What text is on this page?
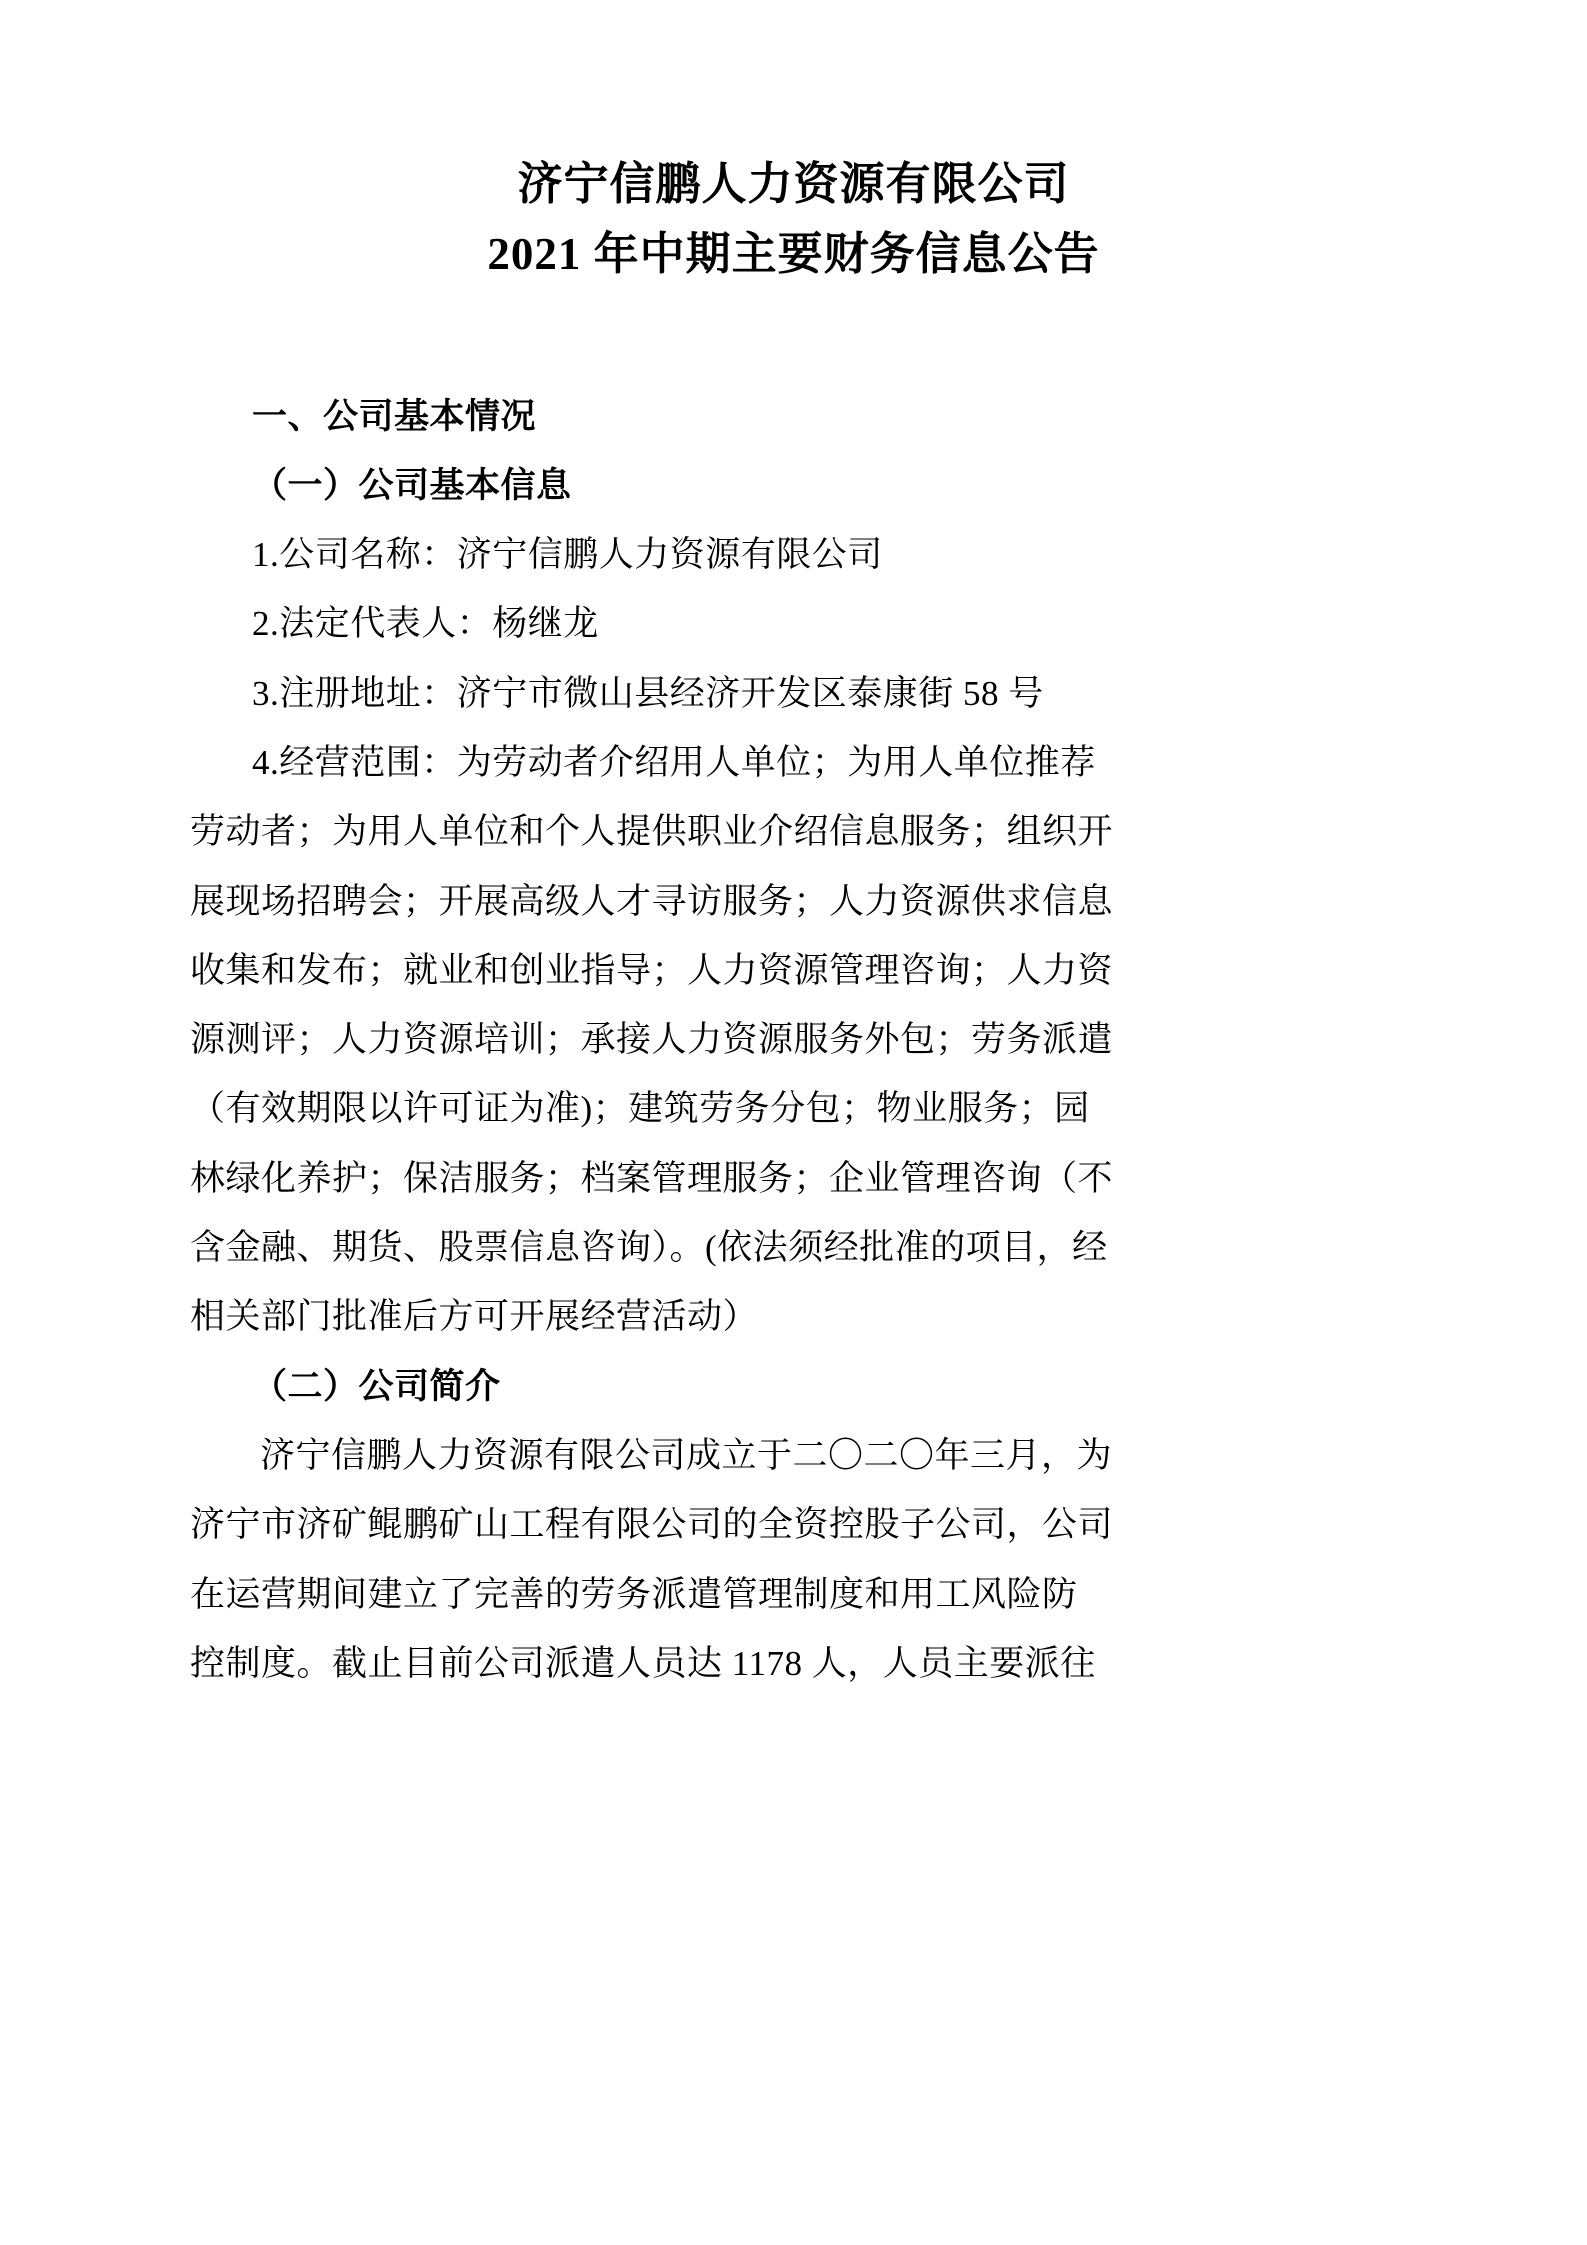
济宁信鹏人力资源有限公司
2021 年中期主要财务信息公告

一、公司基本情况

（一）公司基本信息

1.公司名称：济宁信鹏人力资源有限公司

2.法定代表人：杨继龙

3.注册地址：济宁市微山县经济开发区泰康街 58 号

4.经营范围：为劳动者介绍用人单位；为用人单位推荐

劳动者；为用人单位和个人提供职业介绍信息服务；组织开

展现场招聘会；开展高级人才寻访服务；人力资源供求信息

收集和发布；就业和创业指导；人力资源管理咨询；人力资

源测评；人力资源培训；承接人力资源服务外包；劳务派遣

（有效期限以许可证为准)；建筑劳务分包；物业服务；园

林绿化养护；保洁服务；档案管理服务；企业管理咨询（不

含金融、期货、股票信息咨询）。(依法须经批准的项目，经

相关部门批准后方可开展经营活动）

（二）公司简介

济宁信鹏人力资源有限公司成立于二〇二〇年三月，为

济宁市济矿鲲鹏矿山工程有限公司的全资控股子公司，公司

在运营期间建立了完善的劳务派遣管理制度和用工风险防

控制度。截止目前公司派遣人员达 1178 人，人员主要派往
